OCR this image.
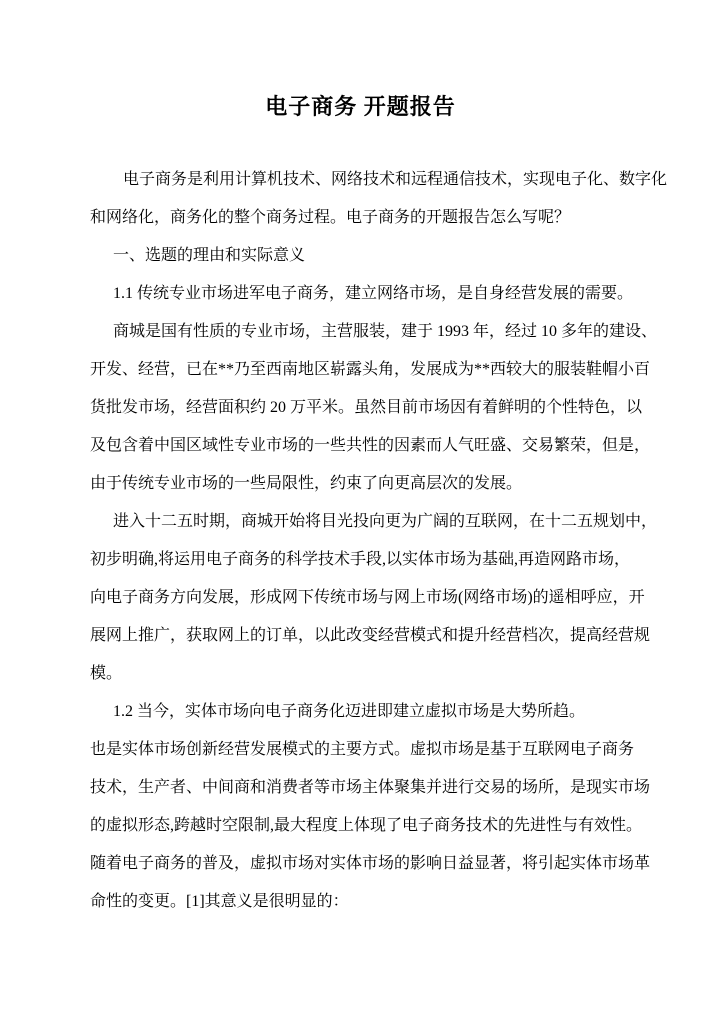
电子商务 开题报告
电子商务是利用计算机技术、网络技术和远程通信技术，实现电子化、数字化
和网络化，商务化的整个商务过程。电子商务的开题报告怎么写呢？
一、选题的理由和实际意义
1.1 传统专业市场进军电子商务，建立网络市场，是自身经营发展的需要。
商城是国有性质的专业市场，主营服装，建于 1993 年，经过 10 多年的建设、
开发、经营，已在**乃至西南地区崭露头角，发展成为**西较大的服装鞋帽小百
货批发市场，经营面积约 20 万平米。虽然目前市场因有着鲜明的个性特色，以
及包含着中国区域性专业市场的一些共性的因素而人气旺盛、交易繁荣，但是，
由于传统专业市场的一些局限性，约束了向更高层次的发展。
进入十二五时期，商城开始将目光投向更为广阔的互联网，在十二五规划中，
初步明确,将运用电子商务的科学技术手段,以实体市场为基础,再造网路市场，
向电子商务方向发展，形成网下传统市场与网上市场(网络市场)的遥相呼应，开
展网上推广，获取网上的订单，以此改变经营模式和提升经营档次，提高经营规
模。
1.2 当今，实体市场向电子商务化迈进即建立虚拟市场是大势所趋。
也是实体市场创新经营发展模式的主要方式。虚拟市场是基于互联网电子商务
技术，生产者、中间商和消费者等市场主体聚集并进行交易的场所，是现实市场
的虚拟形态,跨越时空限制,最大程度上体现了电子商务技术的先进性与有效性。
随着电子商务的普及，虚拟市场对实体市场的影响日益显著，将引起实体市场革
命性的变更。[1]其意义是很明显的：
